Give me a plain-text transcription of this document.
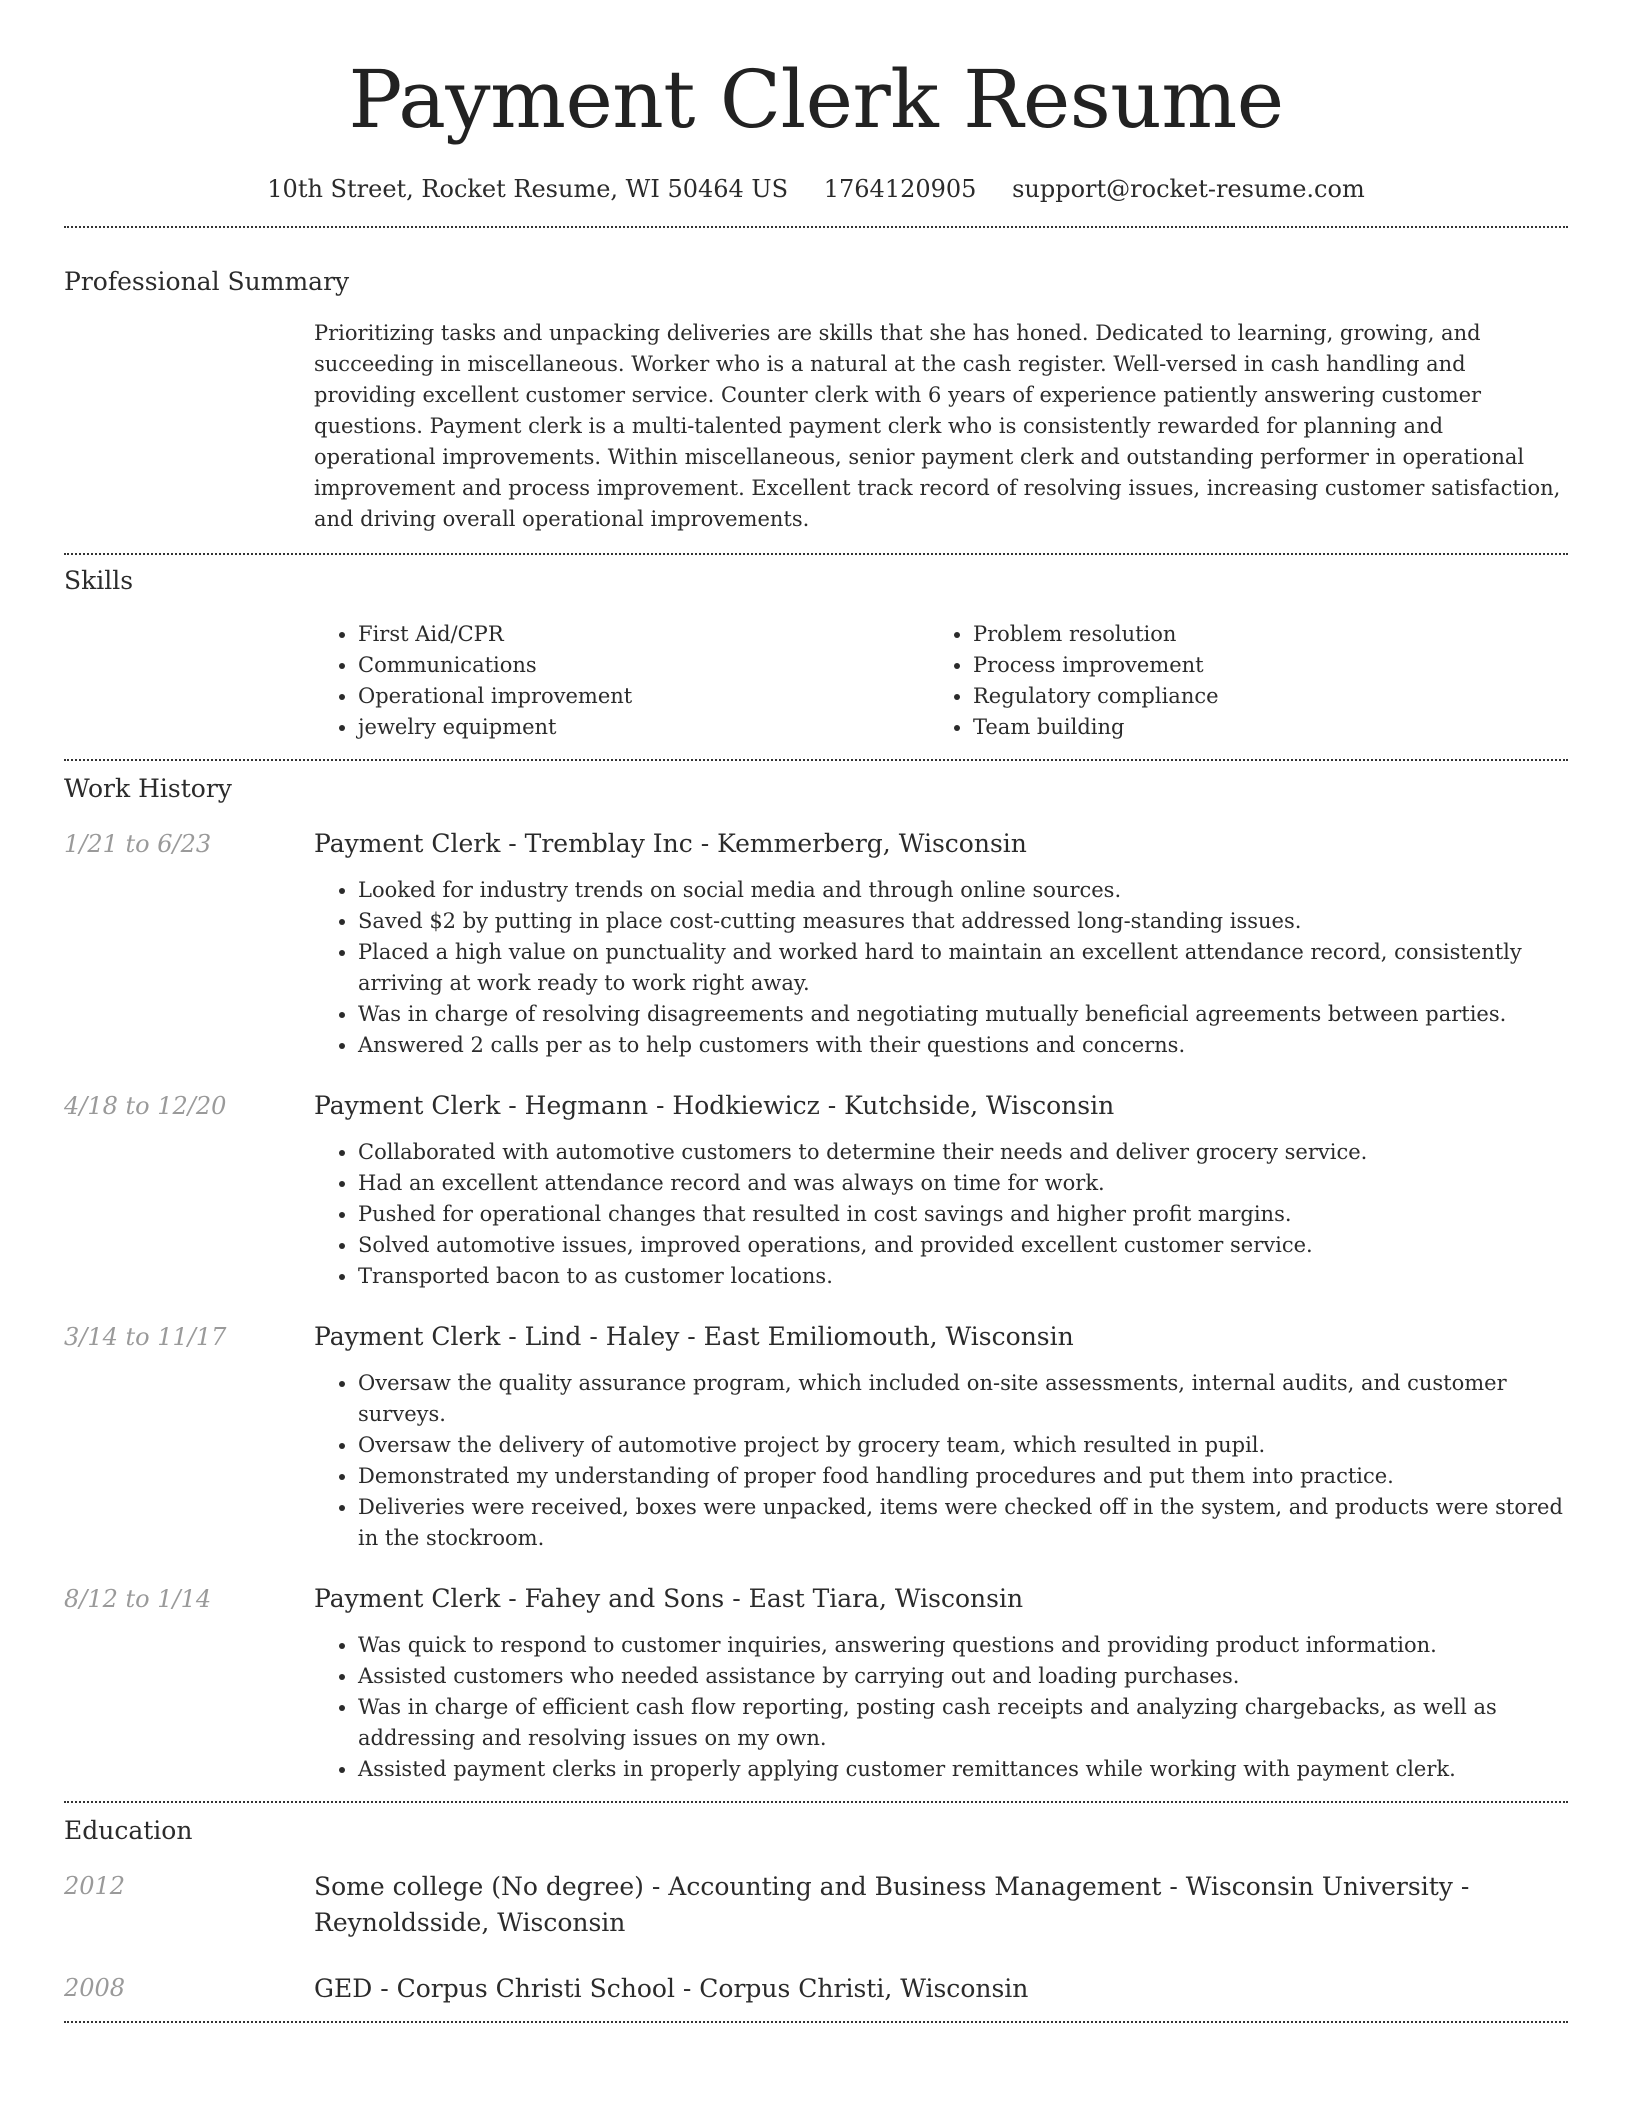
Payment Clerk Resume
10th Street, Rocket Resume, WI 50464 US 1764120905 support@rocket-resume.com
Professional Summary
Prioritizing tasks and unpacking deliveries are skills that she has honed. Dedicated to learning, growing, and succeeding in miscellaneous. Worker who is a natural at the cash register. Well-versed in cash handling and providing excellent customer service. Counter clerk with 6 years of experience patiently answering customer questions. Payment clerk is a multi-talented payment clerk who is consistently rewarded for planning and operational improvements. Within miscellaneous, senior payment clerk and outstanding performer in operational improvement and process improvement. Excellent track record of resolving issues, increasing customer satisfaction, and driving overall operational improvements.
Skills
• First Aid/CPR
• Communications
• Operational improvement
• jewelry equipment
• Problem resolution
• Process improvement
• Regulatory compliance
• Team building
Work History
1/21 to 6/23	Payment Clerk - Tremblay Inc - Kemmerberg, Wisconsin
• Looked for industry trends on social media and through online sources.
• Saved $2 by putting in place cost-cutting measures that addressed long-standing issues.
• Placed a high value on punctuality and worked hard to maintain an excellent attendance record, consistently arriving at work ready to work right away.
• Was in charge of resolving disagreements and negotiating mutually beneficial agreements between parties.
• Answered 2 calls per as to help customers with their questions and concerns.
4/18 to 12/20	Payment Clerk - Hegmann - Hodkiewicz - Kutchside, Wisconsin
• Collaborated with automotive customers to determine their needs and deliver grocery service.
• Had an excellent attendance record and was always on time for work.
• Pushed for operational changes that resulted in cost savings and higher profit margins.
• Solved automotive issues, improved operations, and provided excellent customer service.
• Transported bacon to as customer locations.
3/14 to 11/17	Payment Clerk - Lind - Haley - East Emiliomouth, Wisconsin
• Oversaw the quality assurance program, which included on-site assessments, internal audits, and customer surveys.
• Oversaw the delivery of automotive project by grocery team, which resulted in pupil.
• Demonstrated my understanding of proper food handling procedures and put them into practice.
• Deliveries were received, boxes were unpacked, items were checked off in the system, and products were stored in the stockroom.
8/12 to 1/14	Payment Clerk - Fahey and Sons - East Tiara, Wisconsin
• Was quick to respond to customer inquiries, answering questions and providing product information.
• Assisted customers who needed assistance by carrying out and loading purchases.
• Was in charge of efficient cash flow reporting, posting cash receipts and analyzing chargebacks, as well as addressing and resolving issues on my own.
• Assisted payment clerks in properly applying customer remittances while working with payment clerk.
Education
2012	Some college (No degree) - Accounting and Business Management - Wisconsin University - Reynoldsside, Wisconsin
2008	GED - Corpus Christi School - Corpus Christi, Wisconsin
